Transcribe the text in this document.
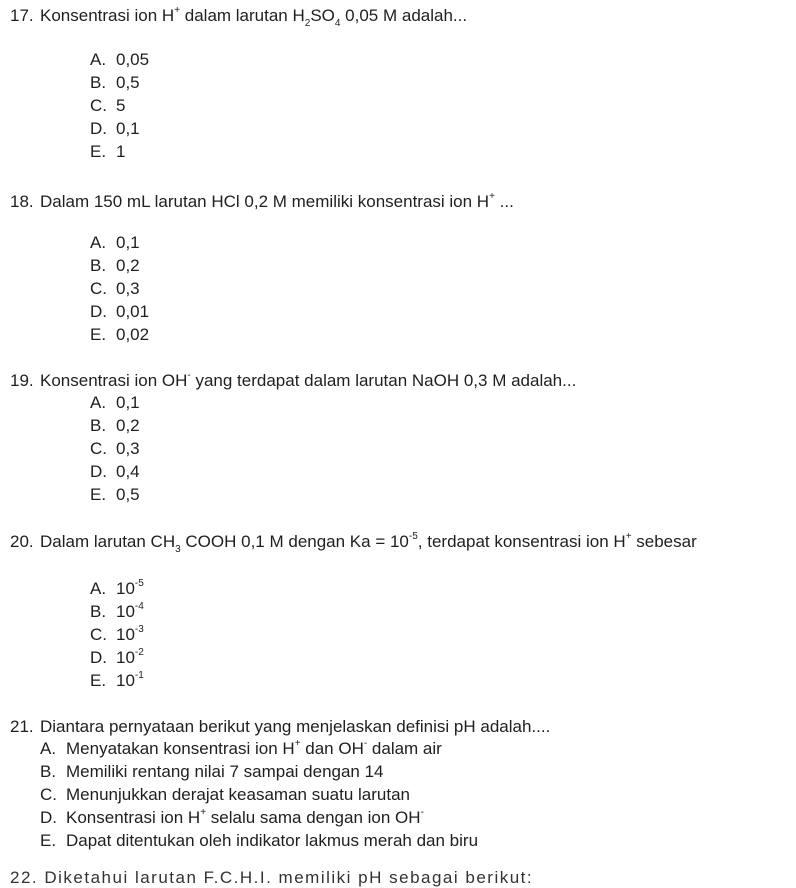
17. Konsentrasi ion H+ dalam larutan $H_2SO_4$ 0,05 M adalah...
A. 0,05
B. 0,5
C. 5
D. 0,1
E. 1
18. Dalam 150 mL larutan HCl 0,2 M memiliki konsentrasi ion H+ ...
A. 0,1
B. 0,2
C. 0,3
D. 0,01
E. 0,02
19. Konsentrasi ion OH- yang terdapat dalam larutan NaOH 0,3 M adalah...
A. 0,1
B. 0,2
C. 0,3
D. 0,4
E. 0,5
20. Dalam larutan $CH_3$ COOH 0,1 M dengan $Ka = 10^{-5}$, terdapat konsentrasi ion H+ sebesar
A. $10^{-5}$
B. $10^{-4}$
C. $10^{-3}$
D. $10^{-2}$
E. $10^{-1}$
21. Diantara pernyataan berikut yang menjelaskan definisi pH adalah....
A. Menyatakan konsentrasi ion H+ dan OH- dalam air
B. Memiliki rentang nilai 7 sampai dengan 14
C. Menunjukkan derajat keasaman suatu larutan
D. Konsentrasi ion H+ selalu sama dengan ion OH-
E. Dapat ditentukan oleh indikator lakmus merah dan biru
22. Diketahui larutan F.C.H.I. memiliki pH sebagai berikut:
